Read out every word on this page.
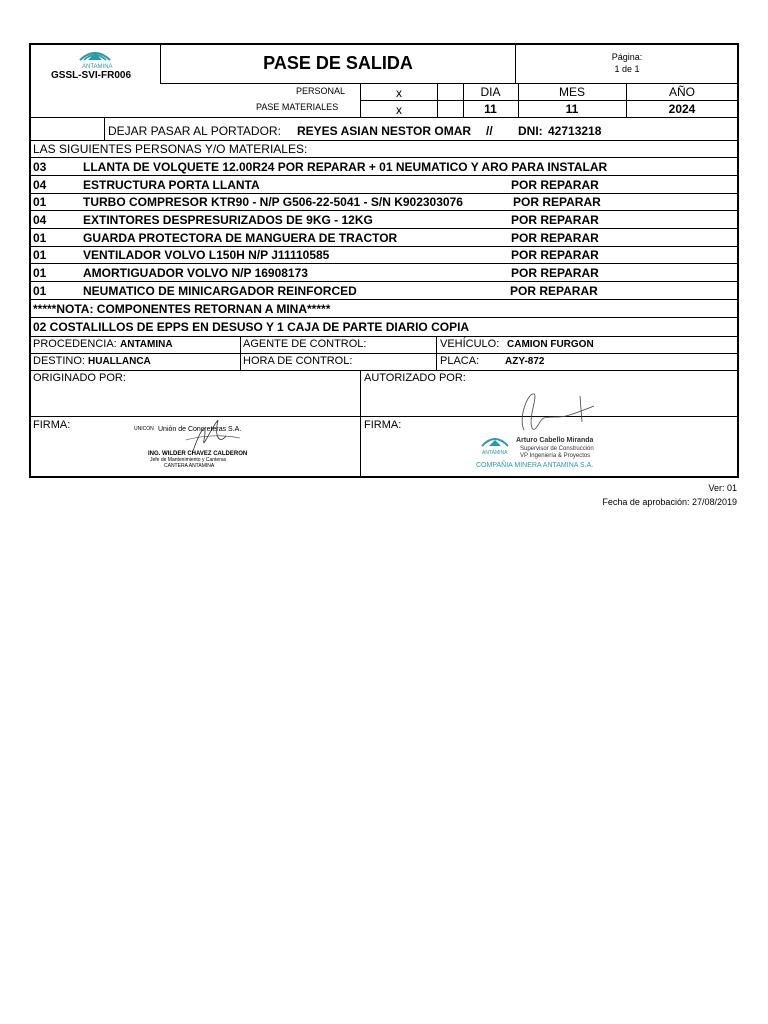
ANTAMINA
GSSL-SVI-FR006
PASE DE SALIDA	Página:
1 de 1
PERSONAL	x
PASE MATERIALES	x
DIA	MES	AÑO
11	11	2024
DEJAR PASAR AL PORTADOR: REYES ASIAN NESTOR OMAR // DNI: 42713218
LAS SIGUIENTES PERSONAS Y/O MATERIALES:
03	LLANTA DE VOLQUETE 12.00R24 POR REPARAR + 01 NEUMATICO Y ARO PARA INSTALAR
04	ESTRUCTURA PORTA LLANTA	POR REPARAR
01	TURBO COMPRESOR KTR90 - N/P G506-22-5041 - S/N K902303076	POR REPARAR
04	EXTINTORES DESPRESURIZADOS DE 9KG - 12KG	POR REPARAR
01	GUARDA PROTECTORA DE MANGUERA DE TRACTOR	POR REPARAR
01	VENTILADOR VOLVO L150H N/P J11110585	POR REPARAR
01	AMORTIGUADOR VOLVO N/P 16908173	POR REPARAR
01	NEUMATICO DE MINICARGADOR REINFORCED	POR REPARAR
*****NOTA: COMPONENTES RETORNAN A MINA*****
02 COSTALILLOS DE EPPS EN DESUSO Y 1 CAJA DE PARTE DIARIO COPIA
PROCEDENCIA: ANTAMINA	AGENTE DE CONTROL:	VEHÍCULO: CAMION FURGON
DESTINO: HUALLANCA	HORA DE CONTROL:	PLACA:	AZY-872
ORIGINADO POR:	AUTORIZADO POR:
FIRMA:	FIRMA:
UNICON Unión de Concreteras S.A.
ING. WILDER CHAVEZ CALDERON
Jefe de Mantenimiento y Canteras
CANTERA ANTAMINA
ANTAMINA
Arturo Cabello Miranda
Supervisor de Construcción
VP Ingeniería & Proyectos
COMPAÑIA MINERA ANTAMINA S.A.
Ver: 01
Fecha de aprobación: 27/08/2019
